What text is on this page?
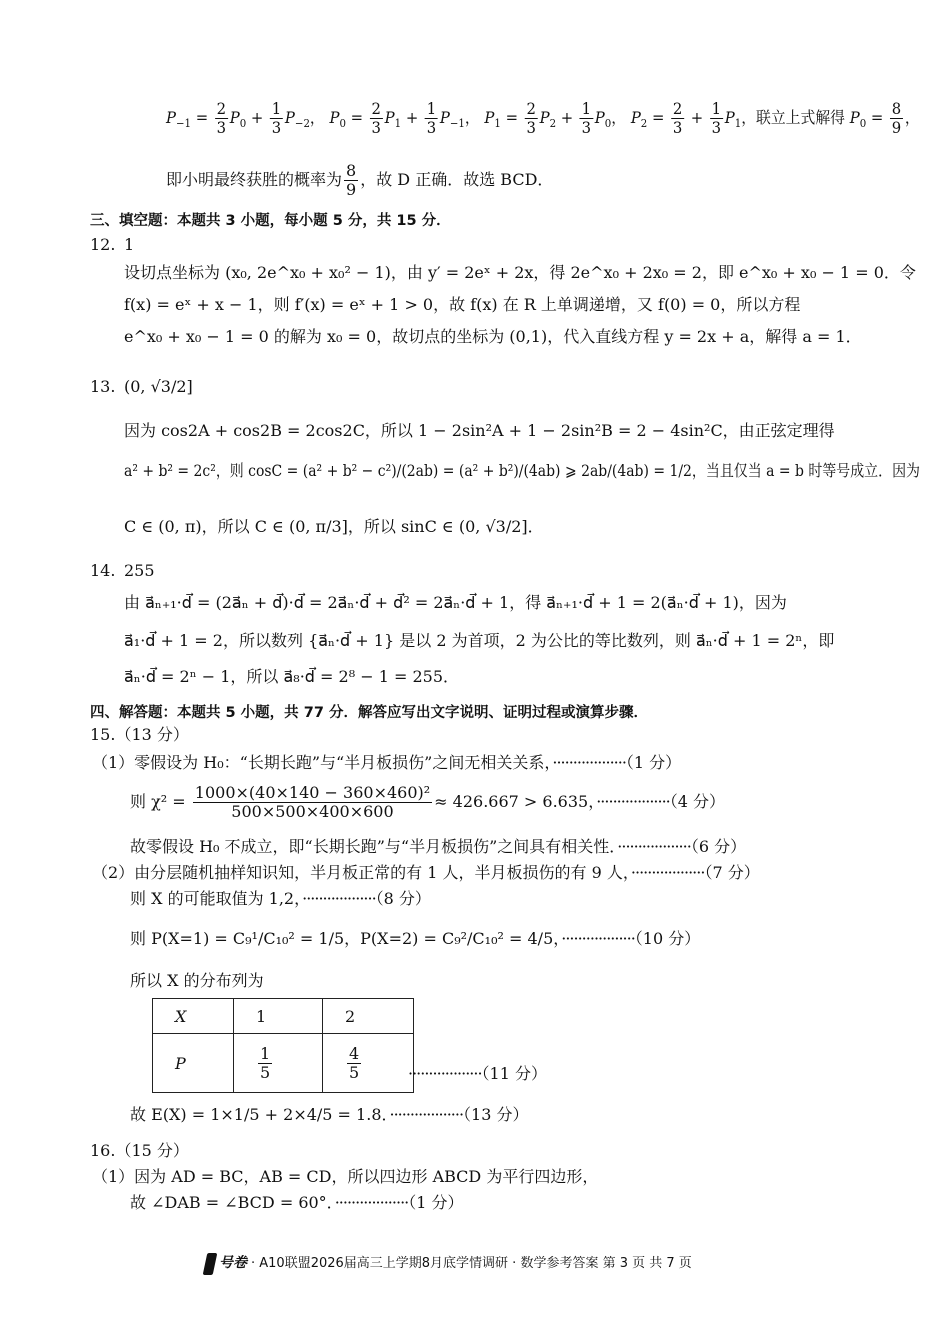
$P_{-1} = \frac{2}{3} P_0 + \frac{1}{3} P_{-2}$， $P_0 = \frac{2}{3} P_1 + \frac{1}{3} P_{-1}$， $P_1 = \frac{2}{3} P_2 + \frac{1}{3} P_0$， $P_2 = \frac{2}{3} + \frac{1}{3} P_1$，联立上式解得 $P_0 = \frac{8}{9}$ ，
即小明最终获胜的概率为 $\frac{8}{9}$ ，故 D 正确．故选 BCD．
三、填空题：本题共 3 小题，每小题 5 分，共 15 分．
12. 1
设切点坐标为 (x₀, 2e^x₀ + x₀² − 1)，由 y′ = 2eˣ + 2x，得 2e^x₀ + 2x₀ = 2，即 e^x₀ + x₀ − 1 = 0．令
f(x) = eˣ + x − 1，则 f′(x) = eˣ + 1 > 0，故 f(x) 在 R 上单调递增，又 f(0) = 0，所以方程
e^x₀ + x₀ − 1 = 0 的解为 x₀ = 0，故切点的坐标为 (0,1)，代入直线方程 y = 2x + a，解得 a = 1．
13. (0, √3/2]
因为 cos2A + cos2B = 2cos2C，所以 1 − 2sin²A + 1 − 2sin²B = 2 − 4sin²C，由正弦定理得
a² + b² = 2c²，则 cosC = (a² + b² − c²)/(2ab) = (a² + b²)/(4ab) ⩾ 2ab/(4ab) = 1/2，当且仅当 a = b 时等号成立．因为
C ∈ (0, π)，所以 C ∈ (0, π/3]，所以 sinC ∈ (0, √3/2]．
14. 255
由 a⃗ₙ₊₁·d⃗ = (2a⃗ₙ + d⃗)·d⃗ = 2a⃗ₙ·d⃗ + d⃗² = 2a⃗ₙ·d⃗ + 1，得 a⃗ₙ₊₁·d⃗ + 1 = 2(a⃗ₙ·d⃗ + 1)，因为
a⃗₁·d⃗ + 1 = 2，所以数列 {a⃗ₙ·d⃗ + 1} 是以 2 为首项，2 为公比的等比数列，则 a⃗ₙ·d⃗ + 1 = 2ⁿ，即
a⃗ₙ·d⃗ = 2ⁿ − 1，所以 a⃗₈·d⃗ = 2⁸ − 1 = 255．
四、解答题：本题共 5 小题，共 77 分．解答应写出文字说明、证明过程或演算步骤．
15.（13 分）
（1）零假设为 H₀：“长期长跑”与“半月板损伤”之间无相关关系，··················（1 分）
则 $\chi^2 = \frac{\text{1000×(40×140 − 360×460)²}}{500\times 500\times 400\times 600} \approx 426.667 > 6.635$，··················（4 分）
故零假设 H₀ 不成立，即“长期长跑”与“半月板损伤”之间具有相关性．··················（6 分）
（2）由分层随机抽样知识知，半月板正常的有 1 人，半月板损伤的有 9 人，··················（7 分）
则 X 的可能取值为 1,2，··················（8 分）
则 P(X=1) = C₉¹/C₁₀² = 1/5，P(X=2) = C₉²/C₁₀² = 4/5，··················（10 分）
所以 X 的分布列为
X	1	2
P	$\frac{1}{5}$	$\frac{4}{5}$	··················（11 分）
故 E(X) = 1×1/5 + 2×4/5 = 1.8．··················（13 分）
16.（15 分）
（1）因为 AD = BC，AB = CD，所以四边形 ABCD 为平行四边形，
故 ∠DAB = ∠BCD = 60°．··················（1 分）
号卷 · A10联盟2026届高三上学期8月底学情调研 · 数学参考答案 第 3 页 共 7 页
